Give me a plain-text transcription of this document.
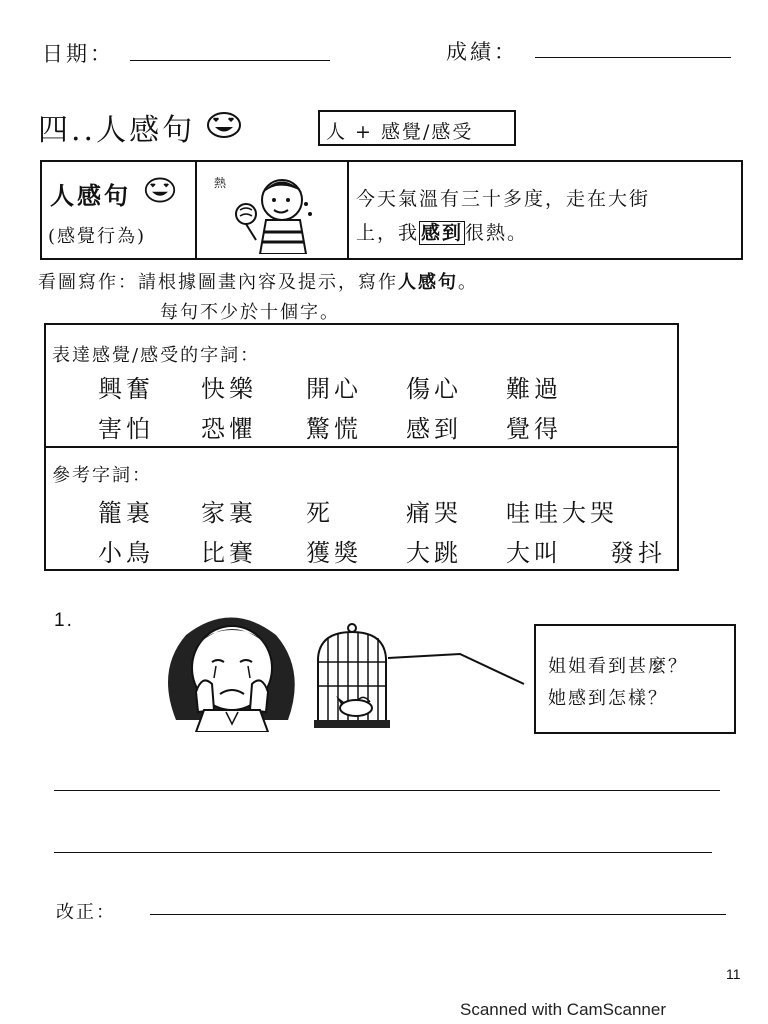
日期：	成績：
四..人感句	人 + 感覺/感受
人感句
(感覺行為)
熱
今天氣溫有三十多度，走在大街
上，我 感到 很熱。
看圖寫作：請根據圖畫內容及提示，寫作人感句。
每句不少於十個字。
表達感覺/感受的字詞：
興奮 快樂 開心 傷心 難過
害怕 恐懼 驚慌 感到 覺得
參考字詞：
籠裏 家裏 死	痛哭 哇哇大哭
小鳥 比賽 獲獎 大跳 大叫 發抖
1.
姐姐看到甚麼？
她感到怎樣？
改正：
11
Scanned with CamScanner
